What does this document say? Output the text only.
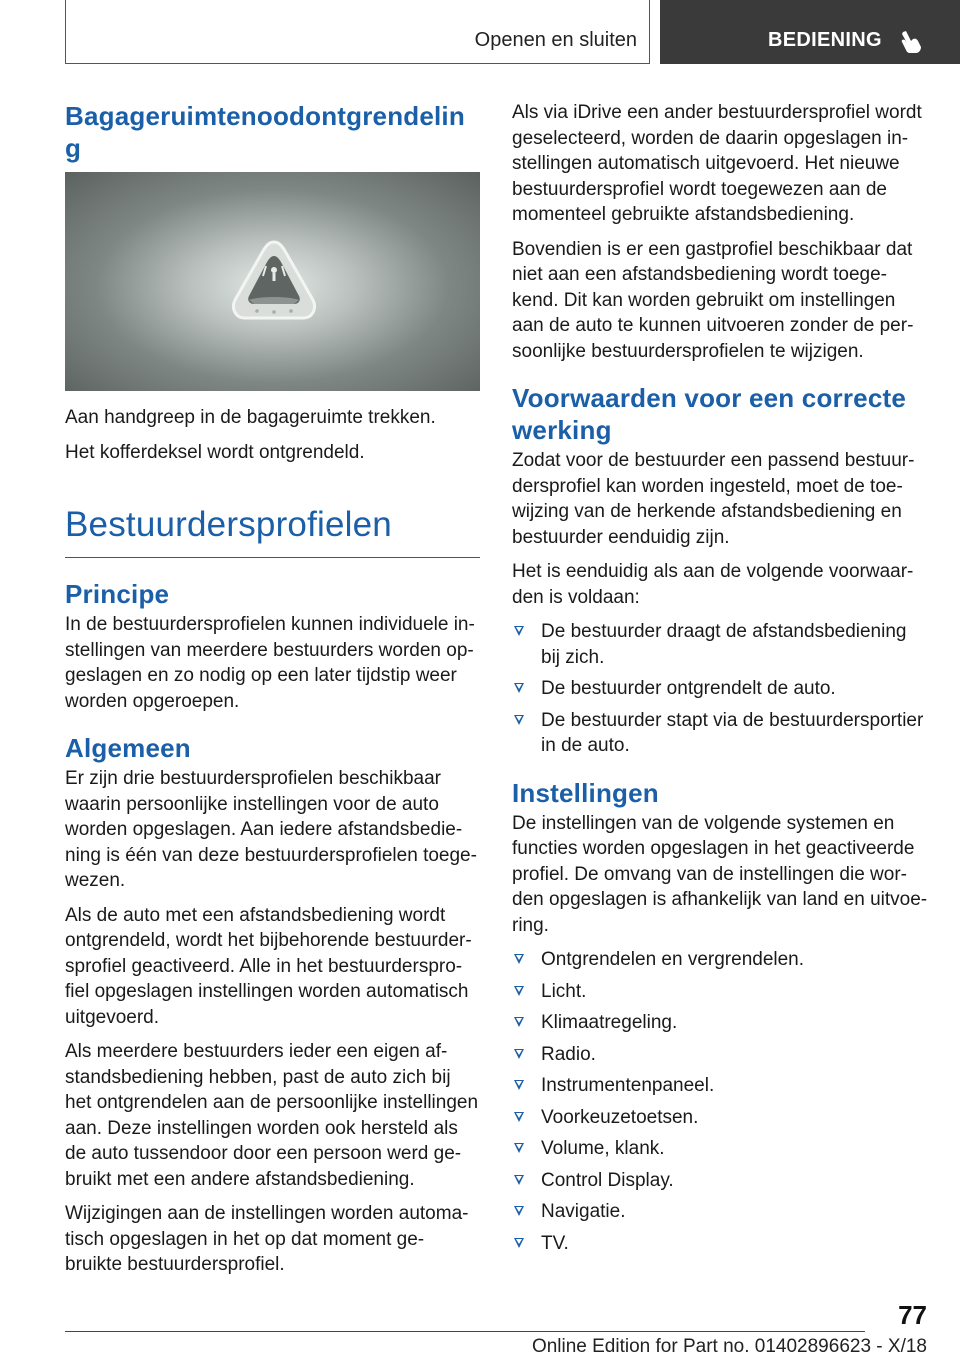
Openen en sluiten	BEDIENING
Bagageruimtenoodontgrendelin g

Aan handgreep in de bagageruimte trekken.

Het kofferdeksel wordt ontgrendeld.

Bestuurdersprofielen
Principe

In de bestuurdersprofielen kunnen individuele in- stellingen van meerdere bestuurders worden op- geslagen en zo nodig op een later tijdstip weer worden opgeroepen.

Algemeen

Er zijn drie bestuurdersprofielen beschikbaar waarin persoonlijke instellingen voor de auto worden opgeslagen. Aan iedere afstandsbedie- ning is één van deze bestuurdersprofielen toege- wezen.

Als de auto met een afstandsbediening wordt ontgrendeld, wordt het bijbehorende bestuurder- sprofiel geactiveerd. Alle in het bestuurderspro- fiel opgeslagen instellingen worden automatisch uitgevoerd.

Als meerdere bestuurders ieder een eigen af- standsbediening hebben, past de auto zich bij het ontgrendelen aan de persoonlijke instellingen aan. Deze instellingen worden ook hersteld als de auto tussendoor door een persoon werd ge- bruikt met een andere afstandsbediening.

Wijzigingen aan de instellingen worden automa- tisch opgeslagen in het op dat moment ge- bruikte bestuurdersprofiel.

Als via iDrive een ander bestuurdersprofiel wordt geselecteerd, worden de daarin opgeslagen in- stellingen automatisch uitgevoerd. Het nieuwe bestuurdersprofiel wordt toegewezen aan de momenteel gebruikte afstandsbediening.

Bovendien is er een gastprofiel beschikbaar dat niet aan een afstandsbediening wordt toege- kend. Dit kan worden gebruikt om instellingen aan de auto te kunnen uitvoeren zonder de per- soonlijke bestuurdersprofielen te wijzigen.

Voorwaarden voor een correcte werking

Zodat voor de bestuurder een passend bestuur- dersprofiel kan worden ingesteld, moet de toe- wijzing van de herkende afstandsbediening en bestuurder eenduidig zijn.

Het is eenduidig als aan de volgende voorwaar- den is voldaan:

De bestuurder draagt de afstandsbediening bij zich.
De bestuurder ontgrendelt de auto.
De bestuurder stapt via de bestuurdersportier in de auto.
Instellingen

De instellingen van de volgende systemen en functies worden opgeslagen in het geactiveerde profiel. De omvang van de instellingen die wor- den opgeslagen is afhankelijk van land en uitvoe- ring.

Ontgrendelen en vergrendelen.
Licht.
Klimaatregeling.
Radio.
Instrumentenpaneel.
Voorkeuzetoetsen.
Volume, klank.
Control Display.
Navigatie.
TV.
77
Online Edition for Part no. 01402896623 - X/18
